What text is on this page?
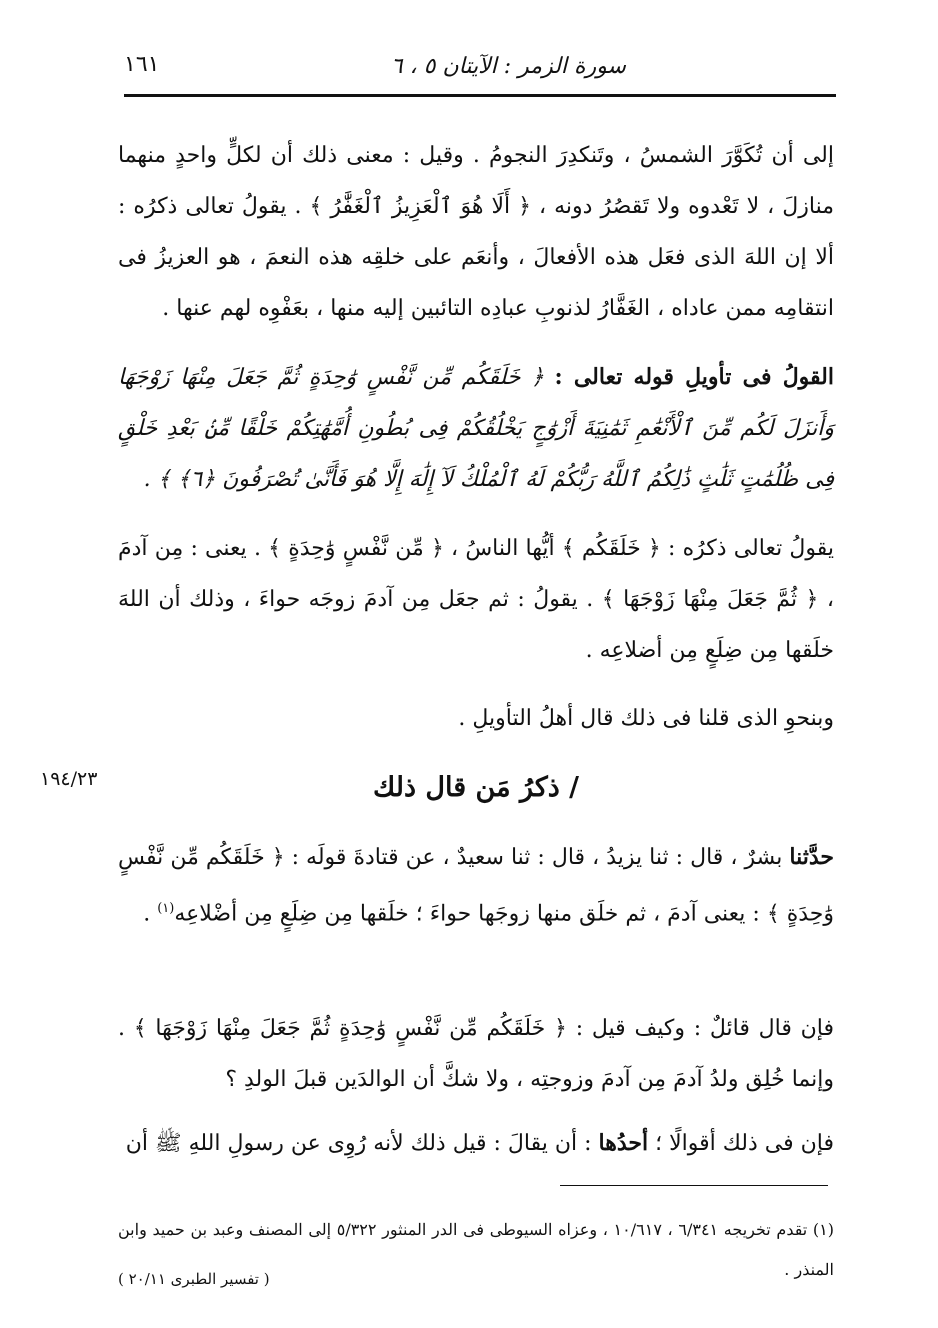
سورة الزمر : الآيتان ٥ ، ٦
١٦١
إلى أن تُكَوَّرَ الشمسُ ، وتَنكدِرَ النجومُ . وقيل : معنى ذلك أن لكلٍّ واحدٍ منهما منازلَ ، لا تَعْدوه ولا تَقصُرُ دونه ، ﴿ أَلَا هُوَ ٱلْعَزِيزُ ٱلْغَفَّٰرُ ﴾ . يقولُ تعالى ذكرُه : ألا إن اللهَ الذى فعَل هذه الأفعالَ ، وأنعَم على خلقِه هذه النعمَ ، هو العزيزُ فى انتقامِه ممن عاداه ، الغَفَّارُ لذنوبِ عبادِه التائبين إليه منها ، بعَفْوِه لهم عنها .
القولُ فى تأويلِ قوله تعالى : ﴿ خَلَقَكُم مِّن نَّفْسٍ وَٰحِدَةٍ ثُمَّ جَعَلَ مِنْهَا زَوْجَهَا وَأَنزَلَ لَكُم مِّنَ ٱلْأَنْعَٰمِ ثَمَٰنِيَةَ أَزْوَٰجٍ يَخْلُقُكُمْ فِى بُطُونِ أُمَّهَٰتِكُمْ خَلْقًا مِّنۢ بَعْدِ خَلْقٍ فِى ظُلُمَٰتٍ ثَلَٰثٍ ذَٰلِكُمُ ٱللَّهُ رَبُّكُمْ لَهُ ٱلْمُلْكُ لَآ إِلَٰهَ إِلَّا هُوَ فَأَنَّىٰ تُصْرَفُونَ ﴿٦﴾ ﴾ .
يقولُ تعالى ذكرُه : ﴿ خَلَقَكُم ﴾ أيُّها الناسُ ، ﴿ مِّن نَّفْسٍ وَٰحِدَةٍ ﴾ . يعنى : مِن آدمَ ، ﴿ ثُمَّ جَعَلَ مِنْهَا زَوْجَهَا ﴾ . يقولُ : ثم جعَل مِن آدمَ زوجَه حواءَ ، وذلك أن اللهَ خلَقها مِن ضِلَعٍ مِن أضلاعِه .
وبنحوِ الذى قلنا فى ذلك قال أهلُ التأويلِ .
١٩٤/٢٣	/ ذكرُ مَن قال ذلك
حدَّثنا بشرٌ ، قال : ثنا يزيدُ ، قال : ثنا سعيدٌ ، عن قتادةَ قولَه : ﴿ خَلَقَكُم مِّن نَّفْسٍ وَٰحِدَةٍ ﴾ : يعنى آدمَ ، ثم خلَق منها زوجَها حواءَ ؛ خلَقها مِن ضِلَعٍ مِن أضْلاعِه$^{(١)}$ .
فإن قال قائلٌ : وكيف قيل : ﴿ خَلَقَكُم مِّن نَّفْسٍ وَٰحِدَةٍ ثُمَّ جَعَلَ مِنْهَا زَوْجَهَا ﴾ . وإنما خُلِق ولدُ آدمَ مِن آدمَ وزوجتِه ، ولا شكَّ أن الوالدَين قبلَ الولدِ ؟
فإن فى ذلك أقوالًا ؛ أحدُها : أن يقالَ : قيل ذلك لأنه رُوِى عن رسولِ اللهِ ﷺ أن
(١) تقدم تخريجه ٦/٣٤١ ، ١٠/٦١٧ ، وعزاه السيوطى فى الدر المنثور ٥/٣٢٢ إلى المصنف وعبد بن حميد وابن المنذر .
( تفسير الطبرى ٢٠/١١ )
